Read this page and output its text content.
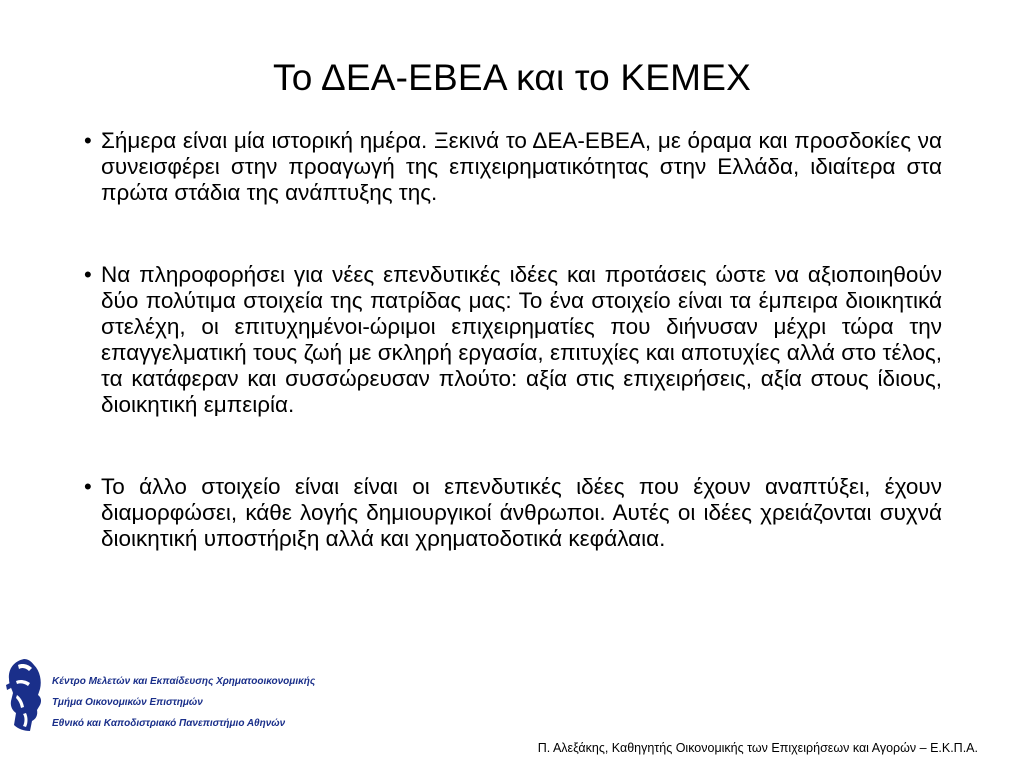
Το ΔΕΑ-ΕΒΕΑ και το ΚΕΜΕΧ
• Σήμερα είναι μία ιστορική ημέρα. Ξεκινά το ΔΕΑ-ΕΒΕΑ, με όραμα και προσδοκίες να συνεισφέρει στην προαγωγή της επιχειρηματικότητας στην Ελλάδα, ιδιαίτερα στα πρώτα στάδια της ανάπτυξης της.
• Να πληροφορήσει για νέες επενδυτικές ιδέες και προτάσεις ώστε να αξιοποιηθούν δύο πολύτιμα στοιχεία της πατρίδας μας: Το ένα στοιχείο είναι τα έμπειρα διοικητικά στελέχη, οι επιτυχημένοι-ώριμοι επιχειρηματίες που διήνυσαν μέχρι τώρα την επαγγελματική τους ζωή με σκληρή εργασία, επιτυχίες και αποτυχίες αλλά στο τέλος, τα κατάφεραν και συσσώρευσαν πλούτο: αξία στις επιχειρήσεις, αξία στους ίδιους, διοικητική εμπειρία.
• Το άλλο στοιχείο είναι είναι οι επενδυτικές ιδέες που έχουν αναπτύξει, έχουν διαμορφώσει, κάθε λογής δημιουργικοί άνθρωποι. Αυτές οι ιδέες χρειάζονται συχνά διοικητική υποστήριξη αλλά και χρηματοδοτικά κεφάλαια.
Κέντρο Μελετών και Εκπαίδευσης Χρηματοοικονομικής
Τμήμα Οικονομικών Επιστημών
Εθνικό και Καποδιστριακό Πανεπιστήμιο Αθηνών
Π. Αλεξάκης, Καθηγητής Οικονομικής των Επιχειρήσεων και Αγορών – Ε.Κ.Π.Α.
